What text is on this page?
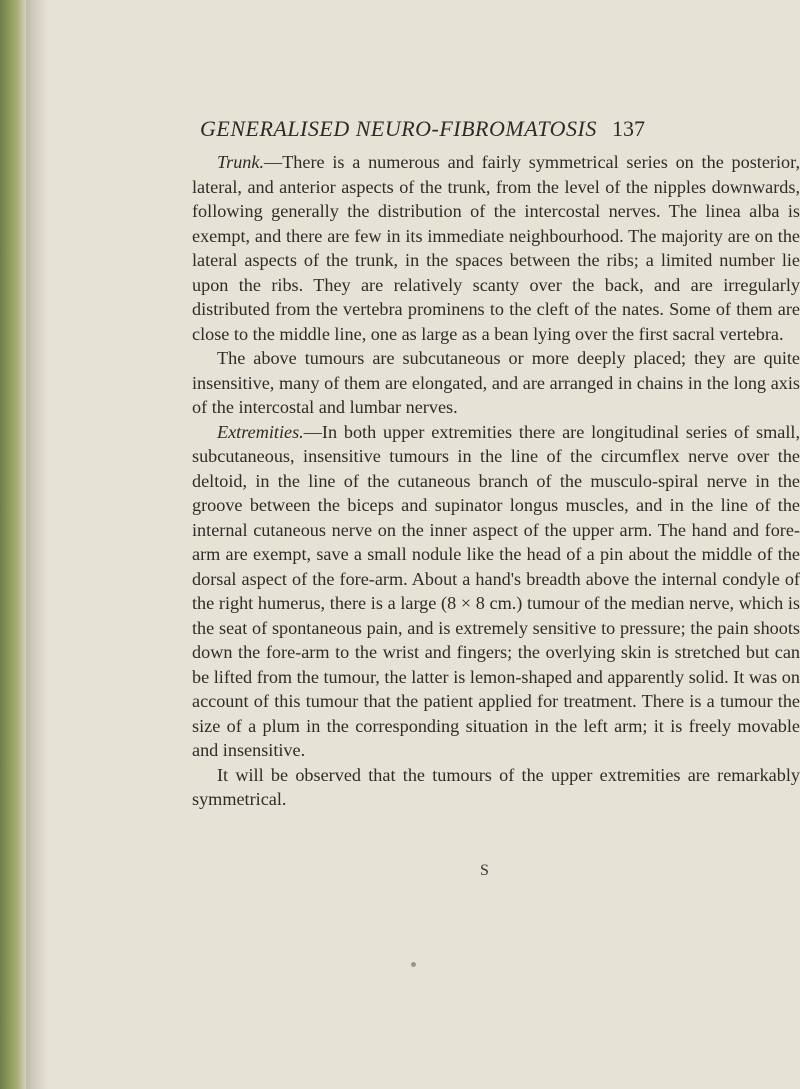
GENERALISED NEURO-FIBROMATOSIS 137

Trunk.—There is a numerous and fairly symmetrical series on the posterior, lateral, and anterior aspects of the trunk, from the level of the nipples downwards, following generally the distribution of the intercostal nerves. The linea alba is exempt, and there are few in its immediate neighbourhood. The majority are on the lateral aspects of the trunk, in the spaces between the ribs; a limited number lie upon the ribs. They are relatively scanty over the back, and are irregularly distributed from the vertebra prominens to the cleft of the nates. Some of them are close to the middle line, one as large as a bean lying over the first sacral vertebra.

The above tumours are subcutaneous or more deeply placed; they are quite insensitive, many of them are elongated, and are arranged in chains in the long axis of the intercostal and lumbar nerves.

Extremities.—In both upper extremities there are longitudinal series of small, subcutaneous, insensitive tumours in the line of the circumflex nerve over the deltoid, in the line of the cutaneous branch of the musculo-spiral nerve in the groove between the biceps and supinator longus muscles, and in the line of the internal cutaneous nerve on the inner aspect of the upper arm. The hand and fore-arm are exempt, save a small nodule like the head of a pin about the middle of the dorsal aspect of the fore-arm. About a hand's breadth above the internal condyle of the right humerus, there is a large (8 × 8 cm.) tumour of the median nerve, which is the seat of spontaneous pain, and is extremely sensitive to pressure; the pain shoots down the fore-arm to the wrist and fingers; the overlying skin is stretched but can be lifted from the tumour, the latter is lemon-shaped and apparently solid. It was on account of this tumour that the patient applied for treatment. There is a tumour the size of a plum in the corresponding situation in the left arm; it is freely movable and insensitive.

It will be observed that the tumours of the upper extremities are remarkably symmetrical.

S
